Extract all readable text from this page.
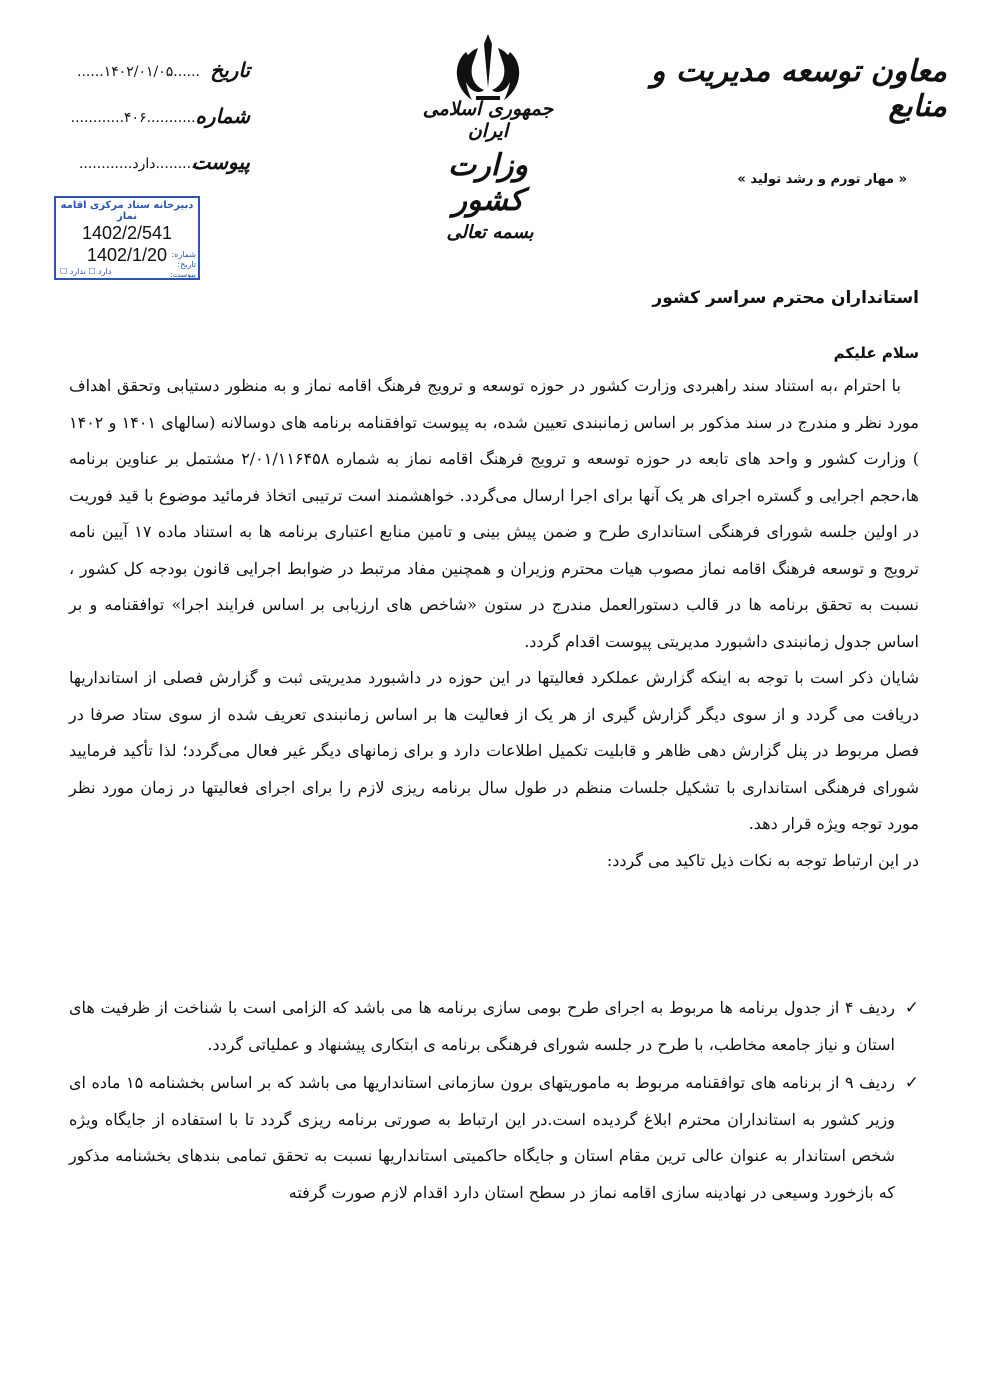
تاریخ
......۱۴۰۲/۰۱/۰۵......
شماره
............۴۰۶............
پیوست
............دارد..........
دبیرخانه ستاد مرکزی اقامه نماز
1402/2/541
1402/1/20 شماره:
تاریخ:
پیوست:
دارد ☐ ندارد ☐
جمهوری اسلامی ایران
وزارت کشور
بسمه تعالی
معاون توسعه مدیریت و منابع
« مهار تورم و رشد تولید »
استانداران محترم سراسر کشور
سلام علیکم

با احترام ،به استناد سند راهبردی وزارت کشور در حوزه توسعه و ترویج فرهنگ اقامه نماز و به منظور دستیابی وتحقق اهداف مورد نظر و مندرج در سند مذکور بر اساس زمانبندی تعیین شده، به پیوست توافقنامه برنامه های دوسالانه (سالهای ۱۴۰۱ و ۱۴۰۲ ) وزارت کشور و واحد های تابعه در حوزه توسعه و ترویج فرهنگ اقامه نماز به شماره ۲/۰۱/۱۱۶۴۵۸ مشتمل بر عناوین برنامه ها،حجم اجرایی و گستره اجرای هر یک آنها برای اجرا ارسال می‌گردد. خواهشمند است ترتیبی اتخاذ فرمائید موضوع با قید فوریت در اولین جلسه شورای فرهنگی استانداری طرح و ضمن پیش بینی و تامین منابع اعتباری برنامه ها به استناد ماده ۱۷ آیین نامه ترویج و توسعه فرهنگ اقامه نماز مصوب هیات محترم وزیران و همچنین مفاد مرتبط در ضوابط اجرایی قانون بودجه کل کشور ، نسبت به تحقق برنامه ها در قالب دستورالعمل مندرج در ستون «شاخص های ارزیابی بر اساس فرایند اجرا» توافقنامه و بر اساس جدول زمانبندی داشبورد مدیریتی پیوست اقدام گردد.

شایان ذکر است با توجه به اینکه گزارش عملکرد فعالیتها در این حوزه در داشبورد مدیریتی ثبت و گزارش فصلی از استانداریها دریافت می گردد و از سوی دیگر گزارش گیری از هر یک از فعالیت ها بر اساس زمانبندی تعریف شده از سوی ستاد صرفا در فصل مربوط در پنل گزارش دهی ظاهر و قابلیت تکمیل اطلاعات دارد و برای زمانهای دیگر غیر فعال می‌گردد؛ لذا تأکید فرمایید شورای فرهنگی استانداری با تشکیل جلسات منظم در طول سال برنامه ریزی لازم را برای اجرای فعالیتها در زمان مورد نظر مورد توجه ویژه قرار دهد.

در این ارتباط توجه به نکات ذیل تاکید می گردد:

✓
ردیف ۴ از جدول برنامه ها مربوط به اجرای طرح بومی سازی برنامه ها می باشد که الزامی است با شناخت از ظرفیت های استان و نیاز جامعه مخاطب، با طرح در جلسه شورای فرهنگی برنامه ی ابتکاری پیشنهاد و عملیاتی گردد.
✓
ردیف ۹ از برنامه های توافقنامه مربوط به ماموریتهای برون سازمانی استانداریها می باشد که بر اساس بخشنامه ۱۵ ماده ای وزیر کشور به استانداران محترم ابلاغ گردیده است.در این ارتباط به صورتی برنامه ریزی گردد تا با استفاده از جایگاه ویژه شخص استاندار به عنوان عالی ترین مقام استان و جایگاه حاکمیتی استانداریها نسبت به تحقق تمامی بندهای بخشنامه مذکور که بازخورد وسیعی در نهادینه سازی اقامه نماز در سطح استان دارد اقدام لازم صورت گرفته
